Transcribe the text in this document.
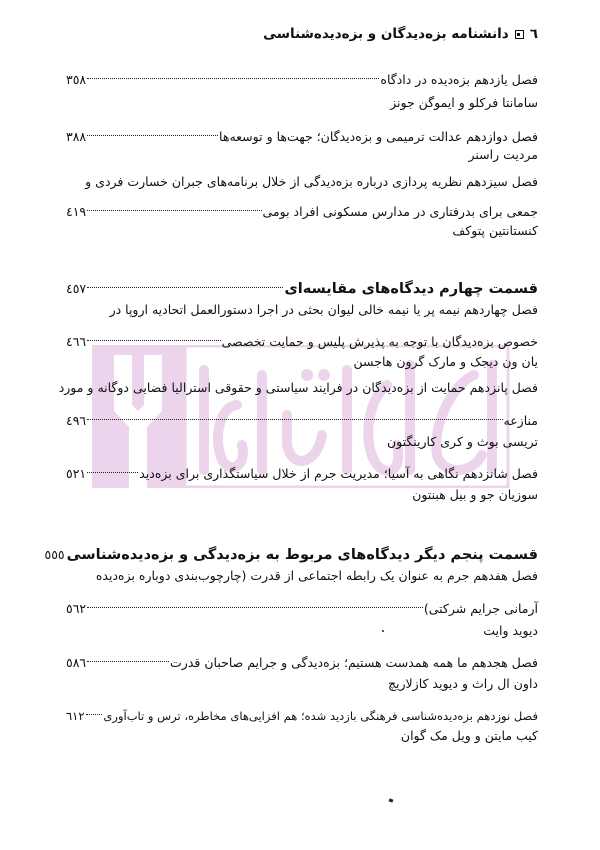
٦دانشنامه بزه‌دیدگان و بزه‌دیده‌شناسی
فصل یازدهم بزه‌دیده در دادگاه
٣٥٨
سامانتا فرکلو و ایموگن جونز
فصل دوازدهم عدالت ترمیمی و بزه‌دیدگان؛ جهت‌ها و توسعه‌ها
٣٨٨
مردیت راسنر
فصل سیزدهم نظریه پردازی درباره بزه‌دیدگی از خلال برنامه‌های جبران خسارت فردی و
جمعی برای بدرفتاری در مدارس مسکونی افراد بومی
٤١٩
کنستانتین پتوکف
قسمت چهارم دیدگاه‌های مقایسه‌ای
٤٥٧
فصل چهاردهم نیمه پر یا نیمه خالی لیوان بحثی در اجرا دستورالعمل اتحادیه اروپا در
خصوص بزه‌دیدگان با توجه به پذیرش پلیس و حمایت تخصصی
٤٦٦
یان ون دیجک و مارک گرون هاجسن
فصل پانزدهم حمایت از بزه‌دیدگان در فرایند سیاستی و حقوقی استرالیا فضایی دوگانه و مورد
منازعه
٤٩٦
تریسی بوث و کری کارینگتون
فصل شانزدهم نگاهی به آسیا؛ مدیریت جرم از خلال سیاستگذاری برای بزه‌دید
٥٢١
سوزیان جو و بیل هبنتون
قسمت پنجم دیگر دیدگاه‌های مربوط به بزه‌دیدگی و بزه‌دیده‌شناسی
٥٥٥
فصل هفدهم جرم به عنوان یک رابطه اجتماعی از قدرت (چارچوب‌بندی دوباره بزه‌دیده
آرمانی جرایم شرکتی)
٥٦٢
دیوید وایت
فصل هجدهم ما همه همدست هستیم؛ بزه‌دیدگی و جرایم صاحبان قدرت
٥٨٦
داون ال راث و دیوید کازلاریچ
فصل نوزدهم بزه‌دیده‌شناسی فرهنگی بازدید شده؛ هم افزایی‌های مخاطره، ترس و تاب‌آوری
٦١٢
کیب مایتن و ویل مک گوان
